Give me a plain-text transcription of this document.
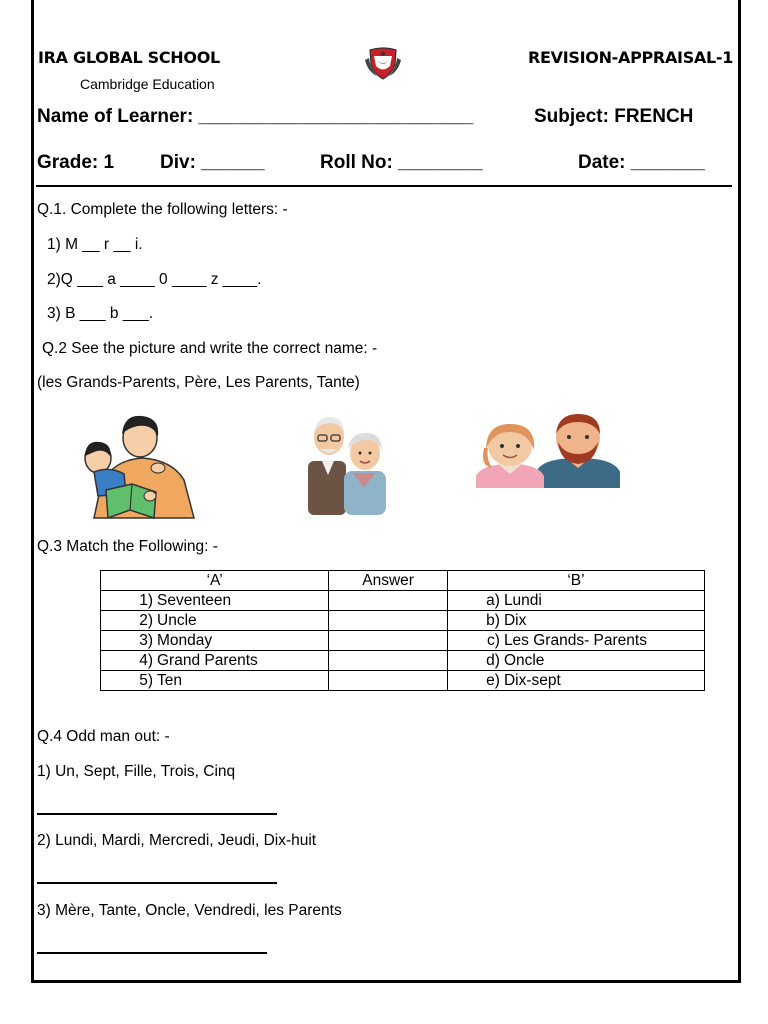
IRA GLOBAL SCHOOL
Cambridge Education
REVISION-APPRAISAL-1
Name of Learner: __________________________	Subject: FRENCH
Grade: 1 Div: ______	Roll No: ________	Date: _______
Q.1. Complete the following letters: -
1) M __ r __ i.
2)Q ___ a ____ 0 ____ z ____.
3) B ___ b ___.
Q.2 See the picture and write the correct name: -
(les Grands-Parents, Père, Les Parents, Tante)
Q.3 Match the Following: -
‘A’	Answer	‘B’
1) Seventeen		a) Lundi
2) Uncle		b) Dix
3) Monday		c) Les Grands- Parents
4) Grand Parents		d) Oncle
5) Ten		e) Dix-sept
Q.4 Odd man out: -
1) Un, Sept, Fille, Trois, Cinq
2) Lundi, Mardi, Mercredi, Jeudi, Dix-huit
3) Mère, Tante, Oncle, Vendredi, les Parents
